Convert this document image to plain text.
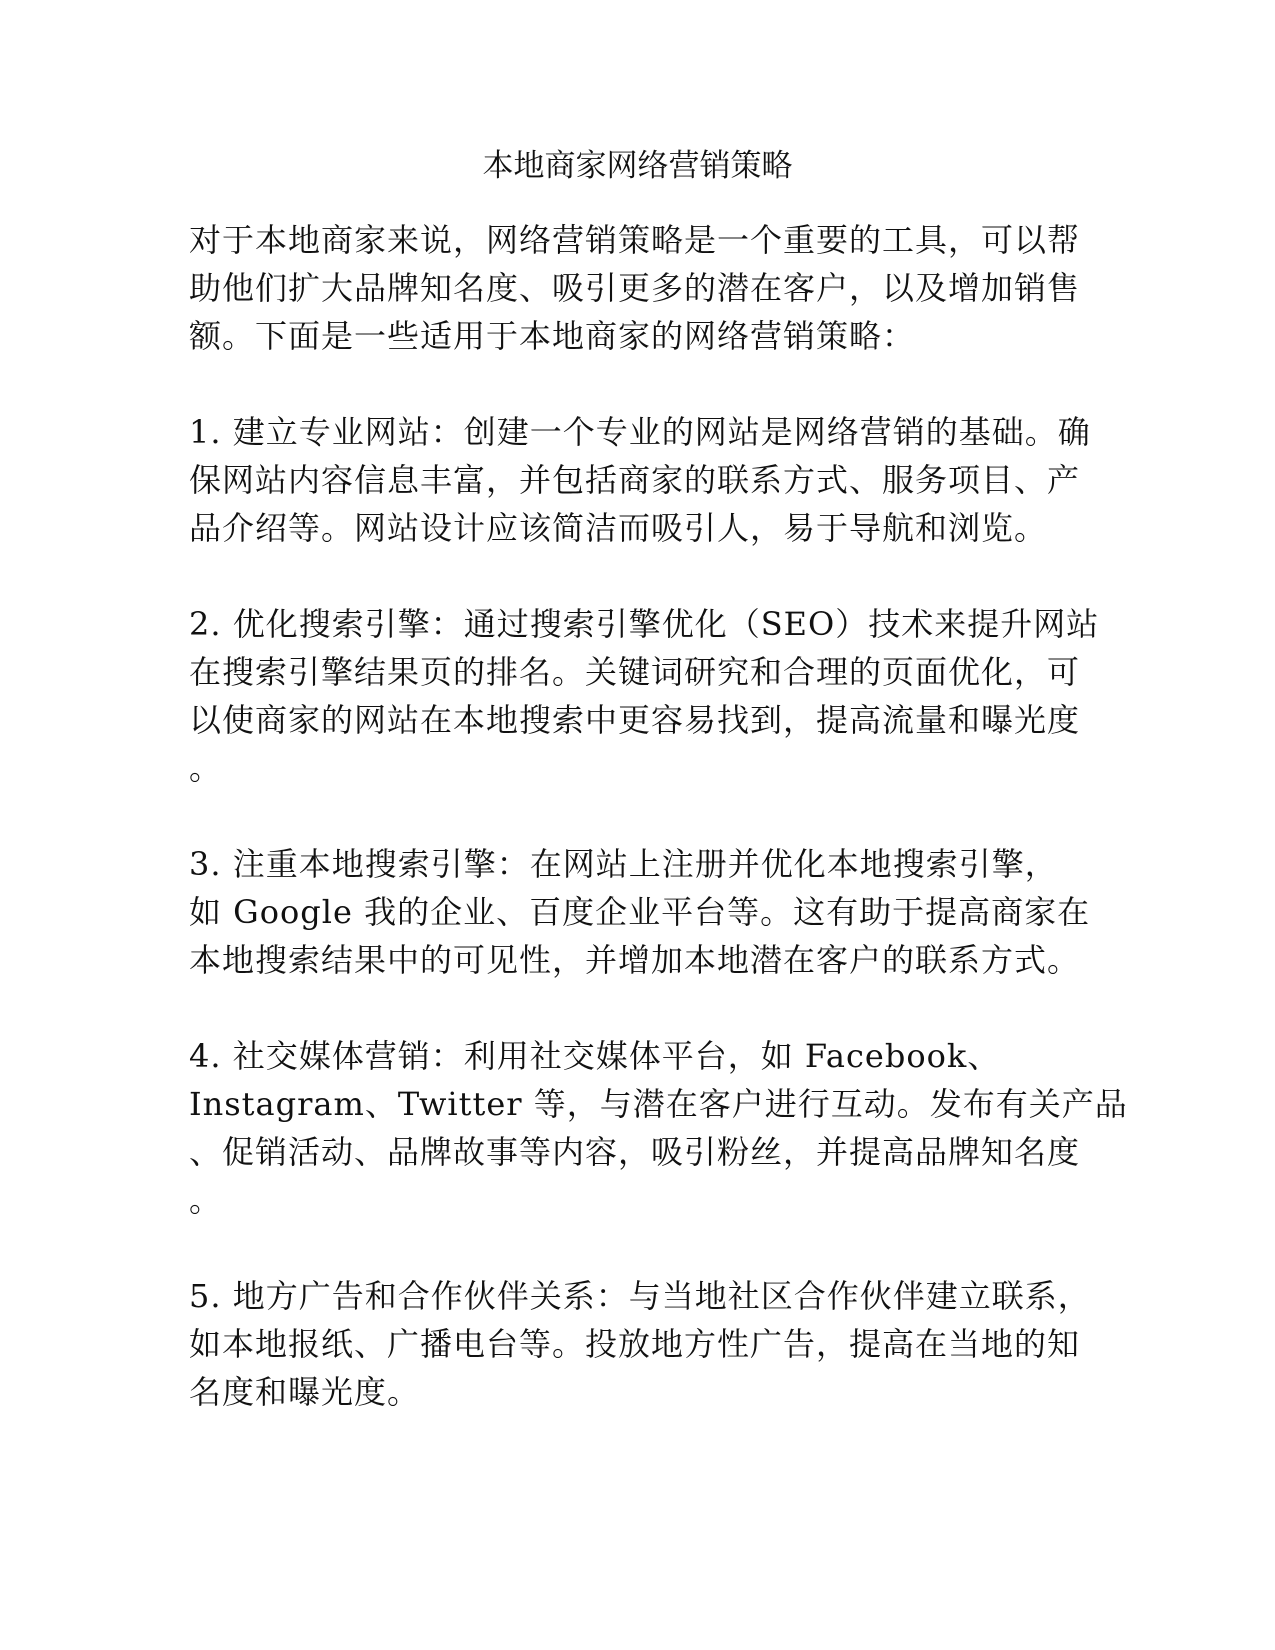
本地商家网络营销策略

对于本地商家来说，网络营销策略是一个重要的工具，可以帮
助他们扩大品牌知名度、吸引更多的潜在客户，以及增加销售
额。下面是一些适用于本地商家的网络营销策略：

1. 建立专业网站：创建一个专业的网站是网络营销的基础。确
保网站内容信息丰富，并包括商家的联系方式、服务项目、产
品介绍等。网站设计应该简洁而吸引人，易于导航和浏览。

2. 优化搜索引擎：通过搜索引擎优化（SEO）技术来提升网站
在搜索引擎结果页的排名。关键词研究和合理的页面优化，可
以使商家的网站在本地搜索中更容易找到，提高流量和曝光度
。

3. 注重本地搜索引擎：在网站上注册并优化本地搜索引擎，
如 Google 我的企业、百度企业平台等。这有助于提高商家在
本地搜索结果中的可见性，并增加本地潜在客户的联系方式。

4. 社交媒体营销：利用社交媒体平台，如 Facebook、
Instagram、Twitter 等，与潜在客户进行互动。发布有关产品
、促销活动、品牌故事等内容，吸引粉丝，并提高品牌知名度
。

5. 地方广告和合作伙伴关系：与当地社区合作伙伴建立联系，
如本地报纸、广播电台等。投放地方性广告，提高在当地的知
名度和曝光度。
